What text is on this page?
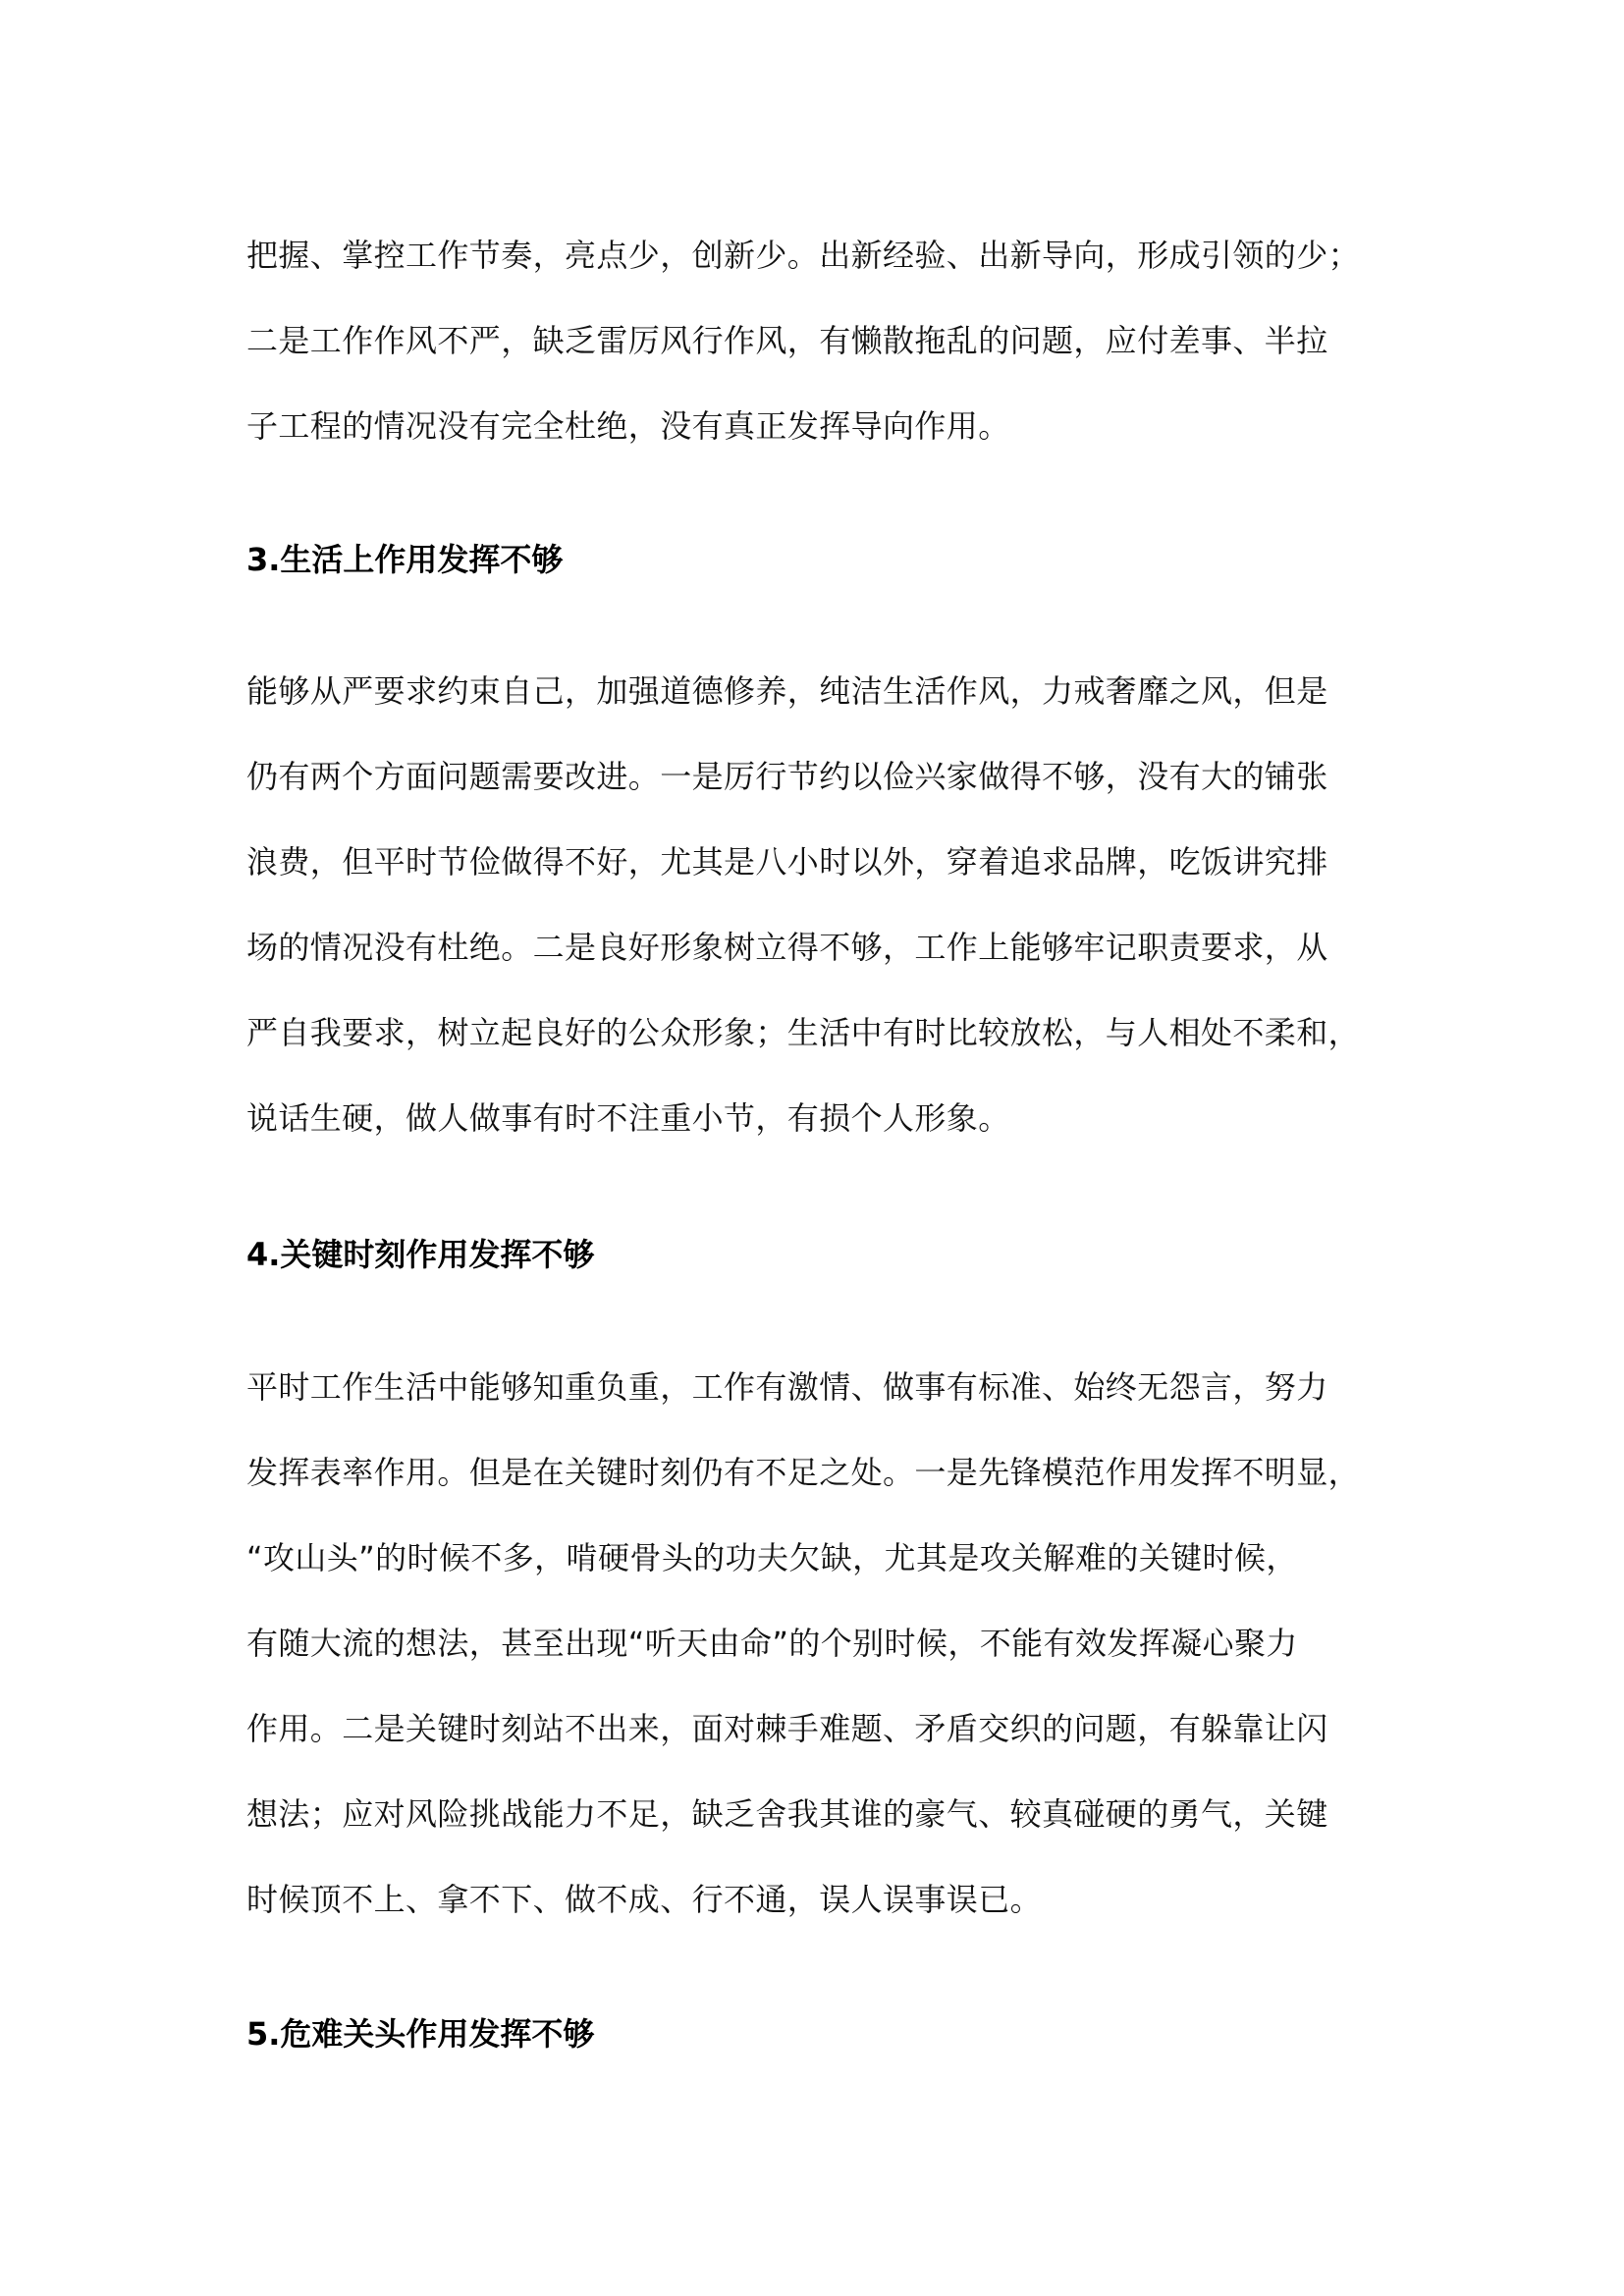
把握、掌控工作节奏，亮点少，创新少。出新经验、出新导向，形成引领的少；
二是工作作风不严，缺乏雷厉风行作风，有懒散拖乱的问题，应付差事、半拉
子工程的情况没有完全杜绝，没有真正发挥导向作用。
3.生活上作用发挥不够
能够从严要求约束自己，加强道德修养，纯洁生活作风，力戒奢靡之风，但是
仍有两个方面问题需要改进。一是厉行节约以俭兴家做得不够，没有大的铺张
浪费，但平时节俭做得不好，尤其是八小时以外，穿着追求品牌，吃饭讲究排
场的情况没有杜绝。二是良好形象树立得不够，工作上能够牢记职责要求，从
严自我要求，树立起良好的公众形象；生活中有时比较放松，与人相处不柔和，
说话生硬，做人做事有时不注重小节，有损个人形象。
4.关键时刻作用发挥不够
平时工作生活中能够知重负重，工作有激情、做事有标准、始终无怨言，努力
发挥表率作用。但是在关键时刻仍有不足之处。一是先锋模范作用发挥不明显，
“攻山头”的时候不多，啃硬骨头的功夫欠缺，尤其是攻关解难的关键时候，
有随大流的想法，甚至出现“听天由命”的个别时候，不能有效发挥凝心聚力
作用。二是关键时刻站不出来，面对棘手难题、矛盾交织的问题，有躲靠让闪
想法；应对风险挑战能力不足，缺乏舍我其谁的豪气、较真碰硬的勇气，关键
时候顶不上、拿不下、做不成、行不通，误人误事误已。
5.危难关头作用发挥不够
